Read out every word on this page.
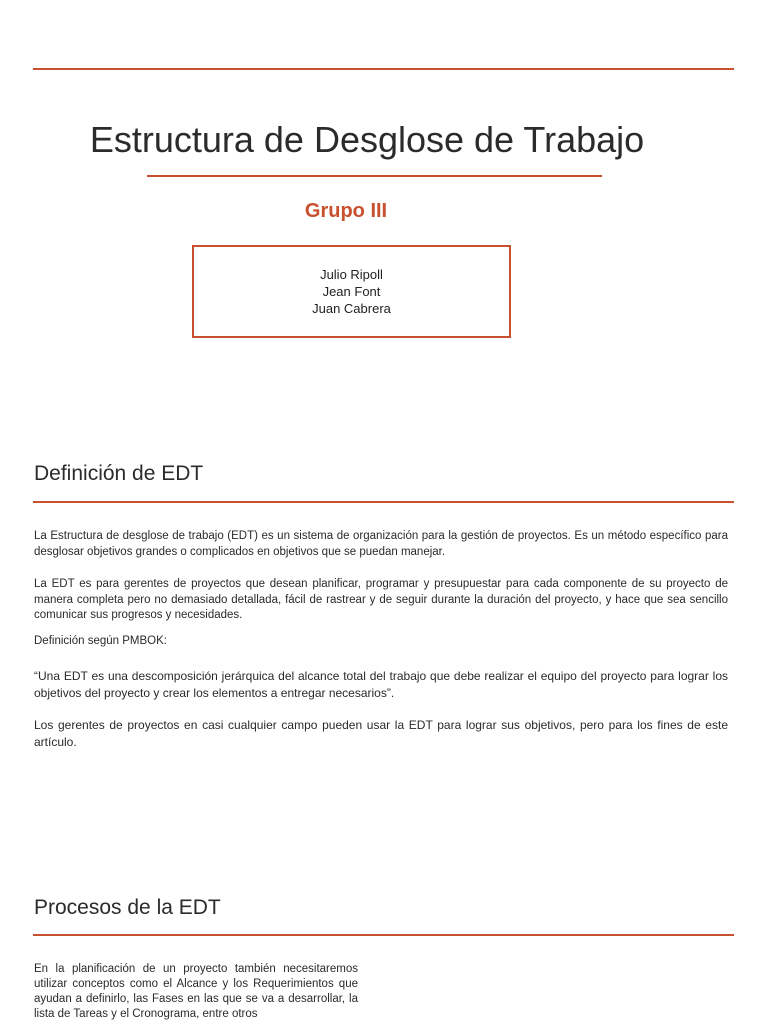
Estructura de Desglose de Trabajo
Grupo III
Julio Ripoll
Jean Font
Juan Cabrera
Definición de EDT

La Estructura de desglose de trabajo (EDT) es un sistema de organización para la gestión de proyectos. Es un método específico para desglosar objetivos grandes o complicados en objetivos que se puedan manejar.

La EDT es para gerentes de proyectos que desean planificar, programar y presupuestar para cada componente de su proyecto de manera completa pero no demasiado detallada, fácil de rastrear y de seguir durante la duración del proyecto, y hace que sea sencillo comunicar sus progresos y necesidades.

Definición según PMBOK:

“Una EDT es una descomposición jerárquica del alcance total del trabajo que debe realizar el equipo del proyecto para lograr los objetivos del proyecto y crear los elementos a entregar necesarios”.

Los gerentes de proyectos en casi cualquier campo pueden usar la EDT para lograr sus objetivos, pero para los fines de este artículo.

Procesos de la EDT

En la planificación de un proyecto también necesitaremos utilizar conceptos como el Alcance y los Requerimientos que ayudan a definirlo, las Fases en las que se va a desarrollar, la lista de Tareas y el Cronograma, entre otros
